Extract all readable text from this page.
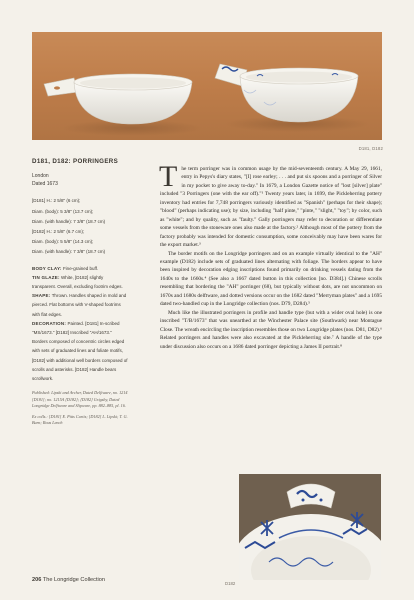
D181, D182
D181, D182: PORRINGERS
London
Dated 1673
[D181] H.: 2 5/8" (6 cm);
Diam. (body): 5 3/8" (13.7 cm);
Diam. (with handle): 7 3/8" (18.7 cm)
[D182] H.: 2 5/8" (6.7 cm);
Diam. (body): 5 5/8" (14.3 cm);
Diam. (with handle): 7 3/8" (18.7 cm)
BODY CLAY: Fine-grained buff.
TIN GLAZE: White, [D182] slightly transparent. Overall, excluding footrim edges.
SHAPE: Thrown. Handles shaped in mold and pierced. Flat bottoms with V-shaped footrims with flat edges.
DECORATION: Painted. [D181] In-scribed "MS/1673." [D182] Inscribed "AH/1673." Borders composed of concentric circles edged with sets of graduated lines and foliate motifs, [D182] with additional well borders composed of scrolls and asterisks. [D182] Handle bears scrollwork.

Published: Lipski and Archer, Dated Delftware, no. 1214 [D181]; no. 1215A [D182]; [D182] Grigsby, Dated Longridge Delftware and Slipware, pp. 882–885, pl. 16.

Ex colls.: [D181] E. Pitts Curtis; [D182] L. Lipski; T. G. Burn; Rous Lench

The term porringer was in common usage by the mid-seventeenth century. A May 29, 1661, entry in Pepys's diary states, "[I] rose earley; . . . and put six spoons and a porringer of Silver in my pocket to give away to-day." In 1679, a London Gazette notice of "lost [silver] plate" included "3 Porringers (one with the ear off)."¹ Twenty years later, in 1699, the Pickleherring pottery inventory had entries for 7,748 porringers variously identified as "Spanish" (perhaps for their shape); "blood" (perhaps indicating use); by size, including "half pinte," "pinte," "slight," "toy"; by color, such as "white"; and by quality, such as "faulty." Gally porringers may refer to decoration or differentiate some vessels from the stoneware ones also made at the factory.² Although most of the pottery from the factory probably was intended for domestic consumption, some conceivably may have been wares for the export market.³

The border motifs on the Longridge porringers and on an example virtually identical to the "AH" example (D182) include sets of graduated lines alternating with foliage. The borders appear to have been inspired by decoration edging inscriptions found primarily on drinking vessels dating from the 1640s to the 1660s.⁴ (See also a 1667 dated button in this collection [no. D384].) Chinese scrolls resembling that bordering the "AH" porringer (68), but typically without dots, are not uncommon on 1670s and 1680s delftware, and dotted versions occur on the 1682 dated "Merryman plates" and a 1695 dated two-handled cup in the Longridge collection (nos. D79, D284).⁵

Much like the illustrated porringers in profile and handle type (but with a wider oval hole) is one inscribed "T/B/1673" that was unearthed at the Winchester Palace site (Southwark) near Montague Close. The wreath encircling the inscription resembles those on two Longridge plates (nos. D81, D82).⁶ Related porringers and handles were also excavated at the Pickleherring site.⁷ A handle of the type under discussion also occurs on a 1686 dated porringer depicting a James II portrait.⁸

D182
206 The Longridge Collection
